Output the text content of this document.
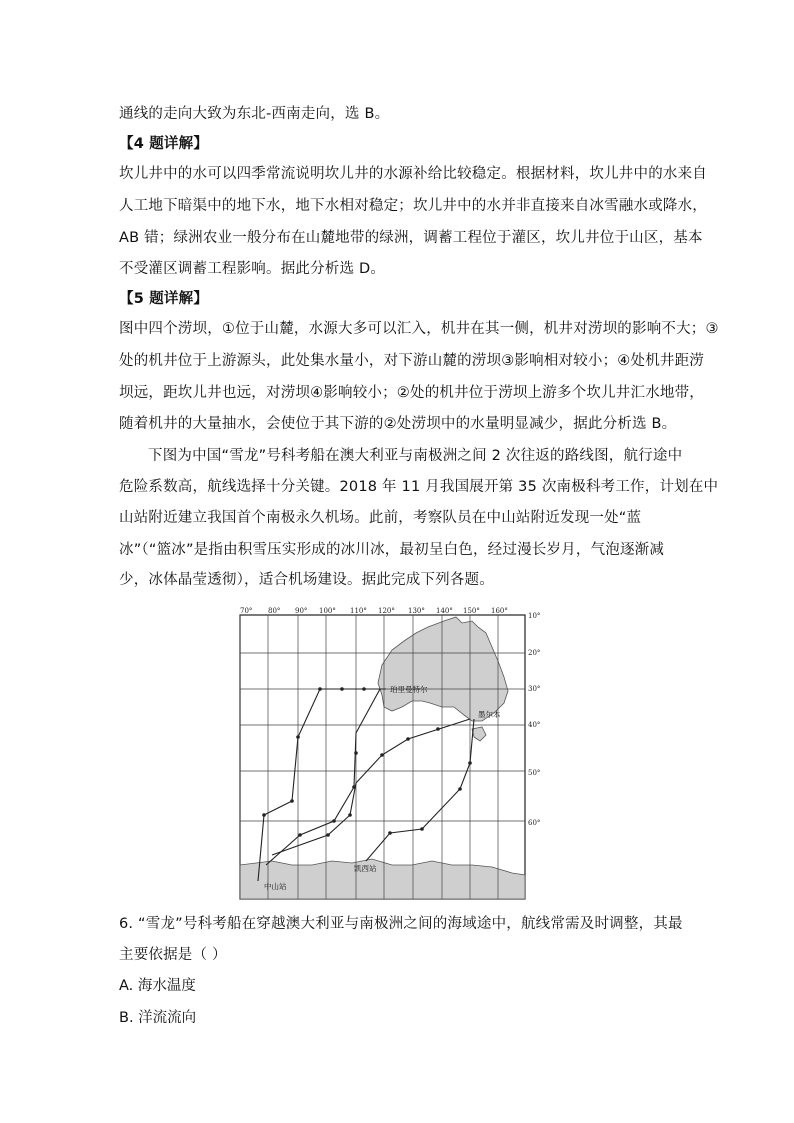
通线的走向大致为东北-西南走向，选 B。
【4 题详解】
坎儿井中的水可以四季常流说明坎儿井的水源补给比较稳定。根据材料，坎儿井中的水来自
人工地下暗渠中的地下水，地下水相对稳定；坎儿井中的水并非直接来自冰雪融水或降水，
AB 错；绿洲农业一般分布在山麓地带的绿洲，调蓄工程位于灌区，坎儿井位于山区，基本
不受灌区调蓄工程影响。据此分析选 D。
【5 题详解】
图中四个涝坝，①位于山麓，水源大多可以汇入，机井在其一侧，机井对涝坝的影响不大；③
处的机井位于上游源头，此处集水量小，对下游山麓的涝坝③影响相对较小；④处机井距涝
坝远，距坎儿井也远，对涝坝④影响较小；②处的机井位于涝坝上游多个坎儿井汇水地带，
随着机井的大量抽水，会使位于其下游的②处涝坝中的水量明显减少，据此分析选 B。
下图为中国“雪龙”号科考船在澳大利亚与南极洲之间 2 次往返的路线图，航行途中
危险系数高，航线选择十分关键。2018 年 11 月我国展开第 35 次南极科考工作，计划在中
山站附近建立我国首个南极永久机场。此前，考察队员在中山站附近发现一处“蓝
冰”（“篮冰”是指由积雪压实形成的冰川冰，最初呈白色，经过漫长岁月，气泡逐渐减
少，冰体晶莹透彻），适合机场建设。据此完成下列各题。
70° 80° 90° 100° 110° 120° 130° 140° 150° 160°
10°
20°
30°
40°
50°
60°
珀里曼特尔
墨尔本
凯西站
中山站
6. “雪龙”号科考船在穿越澳大利亚与南极洲之间的海域途中，航线常需及时调整，其最
主要依据是（ ）
A. 海水温度
B. 洋流流向
